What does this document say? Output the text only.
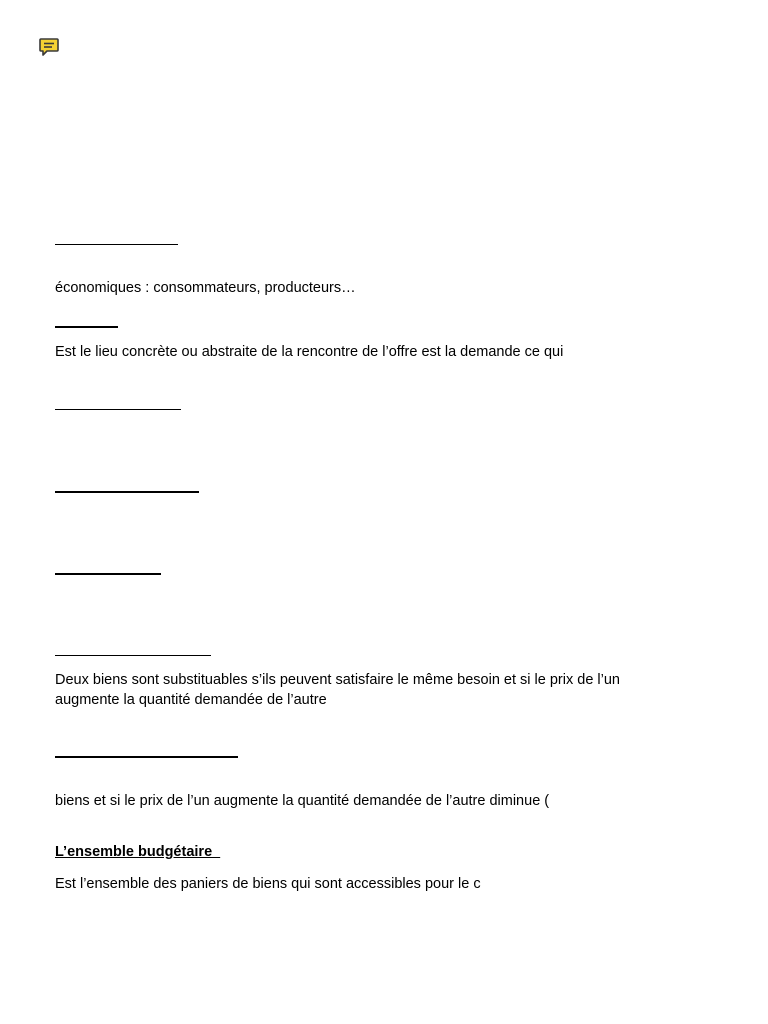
économiques : consommateurs, producteurs…
Est le lieu concrète ou abstraite de la rencontre de l’offre est la demande ce qui
Deux biens sont substituables s’ils peuvent satisfaire le même besoin et si le prix de l’un augmente la quantité demandée de l’autre
biens et si le prix de l’un augmente la quantité demandée de l’autre diminue (
L’ensemble budgétaire
Est l’ensemble des paniers de biens qui sont accessibles pour le c
